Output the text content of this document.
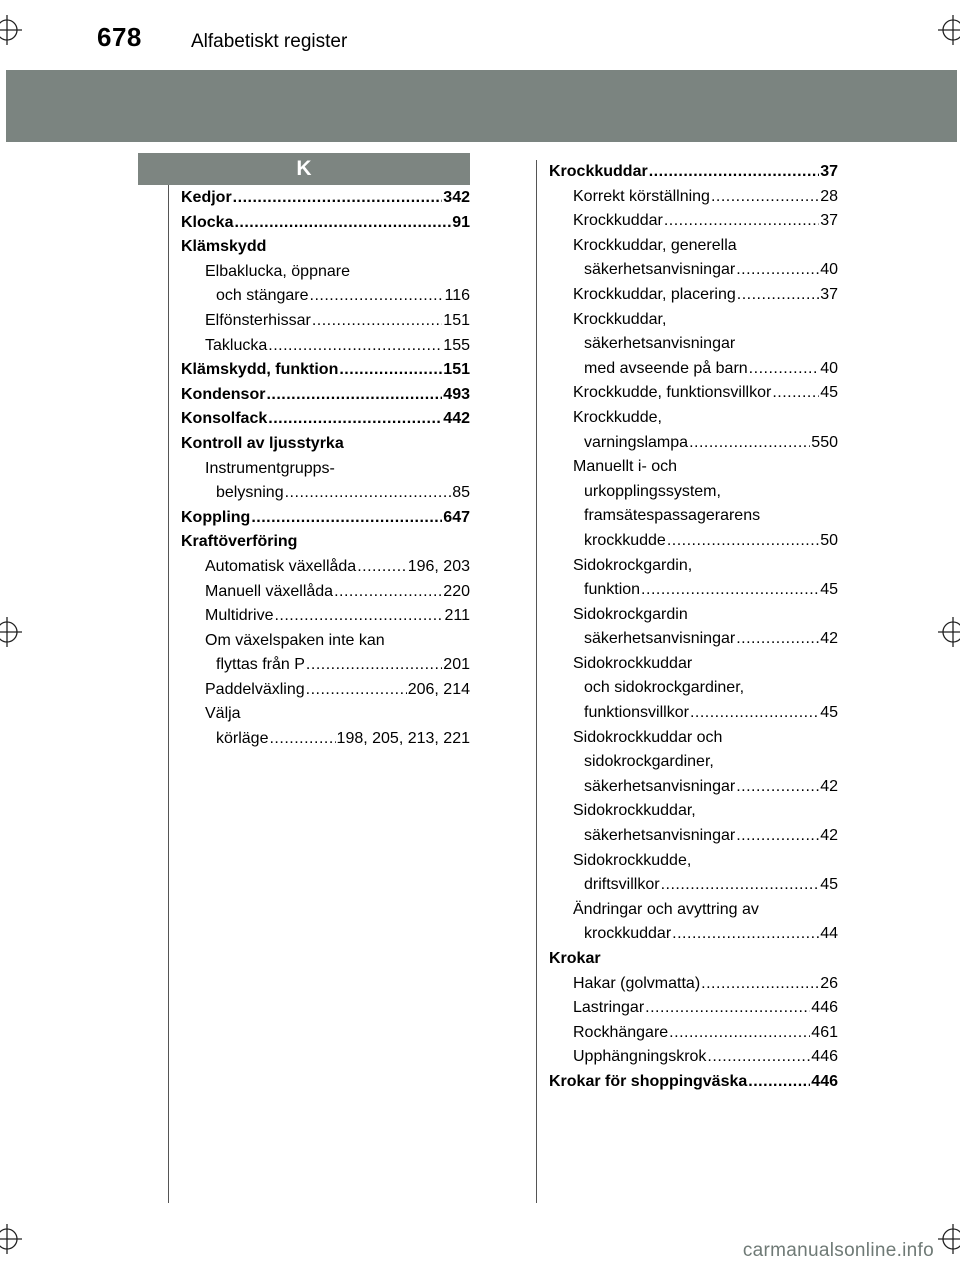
678	Alfabetiskt register
K
Kedjor .....	342
Klocka .....	91
Klämskydd
Elbaklucka, öppnare
och stängare .....	116
Elfönsterhissar .....	151
Taklucka .....	155
Klämskydd, funktion .....	151
Kondensor .....	493
Konsolfack .....	442
Kontroll av ljusstyrka
Instrumentgrupps-
belysning .....	85
Koppling .....	647
Kraftöverföring
Automatisk växellåda .....	196, 203
Manuell växellåda .....	220
Multidrive .....	211
Om växelspaken inte kan
flyttas från P .....	201
Paddelväxling .....	206, 214
Välja
körläge .....	198, 205, 213, 221
Krockkuddar .....	37
Korrekt körställning .....	28
Krockkuddar .....	37
Krockkuddar, generella
säkerhetsanvisningar .....	40
Krockkuddar, placering .....	37
Krockkuddar,
säkerhetsanvisningar
med avseende på barn .....	40
Krockkudde, funktionsvillkor .....	45
Krockkudde,
varningslampa .....	550
Manuellt i- och
urkopplingssystem,
framsätespassagerarens
krockkudde .....	50
Sidokrockgardin,
funktion .....	45
Sidokrockgardin
säkerhetsanvisningar .....	42
Sidokrockkuddar
och sidokrockgardiner,
funktionsvillkor .....	45
Sidokrockkuddar och
sidokrockgardiner,
säkerhetsanvisningar .....	42
Sidokrockkuddar,
säkerhetsanvisningar .....	42
Sidokrockkudde,
driftsvillkor .....	45
Ändringar och avyttring av
krockkuddar .....	44
Krokar
Hakar (golvmatta) .....	26
Lastringar .....	446
Rockhängare .....	461
Upphängningskrok .....	446
Krokar för shoppingväska .....	446
carmanualsonline.info
